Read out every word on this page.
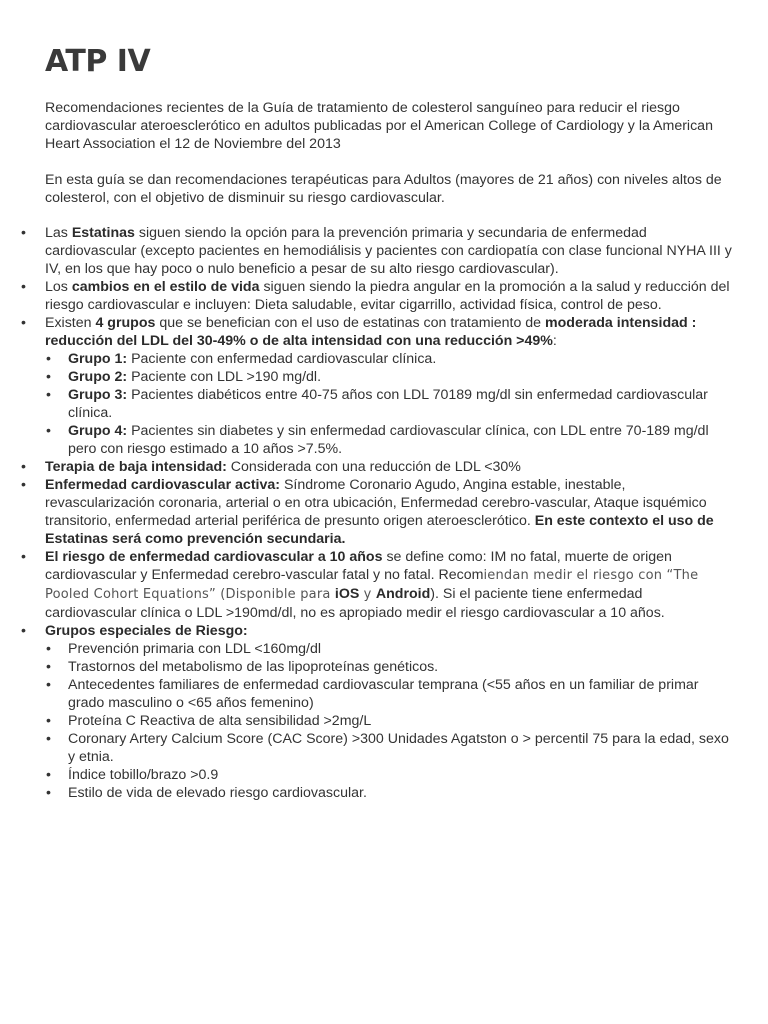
ATP IV

Recomendaciones recientes de la Guía de tratamiento de colesterol sanguíneo para reducir el riesgo cardiovascular ateroesclerótico en adultos publicadas por el American College of Cardiology y la American Heart Association el 12 de Noviembre del 2013

En esta guía se dan recomendaciones terapéuticas para Adultos (mayores de 21 años) con niveles altos de colesterol, con el objetivo de disminuir su riesgo cardiovascular.

• Las Estatinas siguen siendo la opción para la prevención primaria y secundaria de enfermedad cardiovascular (excepto pacientes en hemodiálisis y pacientes con cardiopatía con clase funcional NYHA III y IV, en los que hay poco o nulo beneficio a pesar de su alto riesgo cardiovascular).
• Los cambios en el estilo de vida siguen siendo la piedra angular en la promoción a la salud y reducción del riesgo cardiovascular e incluyen: Dieta saludable, evitar cigarrillo, actividad física, control de peso.
• Existen 4 grupos que se benefician con el uso de estatinas con tratamiento de moderada intensidad : reducción del LDL del 30-49% o de alta intensidad con una reducción >49%:
• Grupo 1: Paciente con enfermedad cardiovascular clínica.
• Grupo 2: Paciente con LDL >190 mg/dl.
• Grupo 3: Pacientes diabéticos entre 40-75 años con LDL 70189 mg/dl sin enfermedad cardiovascular clínica.
• Grupo 4: Pacientes sin diabetes y sin enfermedad cardiovascular clínica, con LDL entre 70-189 mg/dl pero con riesgo estimado a 10 años >7.5%.
• Terapia de baja intensidad: Considerada con una reducción de LDL <30%
• Enfermedad cardiovascular activa: Síndrome Coronario Agudo, Angina estable, inestable, revascularización coronaria, arterial o en otra ubicación, Enfermedad cerebro-vascular, Ataque isquémico transitorio, enfermedad arterial periférica de presunto origen ateroesclerótico. En este contexto el uso de Estatinas será como prevención secundaria.
• El riesgo de enfermedad cardiovascular a 10 años se define como: IM no fatal, muerte de origen cardiovascular y Enfermedad cerebro-vascular fatal y no fatal. Recomiendan medir el riesgo con “The Pooled Cohort Equations” (Disponible para iOS y Android). Si el paciente tiene enfermedad cardiovascular clínica o LDL >190md/dl, no es apropiado medir el riesgo cardiovascular a 10 años.
• Grupos especiales de Riesgo:
• Prevención primaria con LDL <160mg/dl
• Trastornos del metabolismo de las lipoproteínas genéticos.
• Antecedentes familiares de enfermedad cardiovascular temprana (<55 años en un familiar de primar grado masculino o <65 años femenino)
• Proteína C Reactiva de alta sensibilidad >2mg/L
• Coronary Artery Calcium Score (CAC Score) >300 Unidades Agatston o > percentil 75 para la edad, sexo y etnia.
• Índice tobillo/brazo >0.9
• Estilo de vida de elevado riesgo cardiovascular.
